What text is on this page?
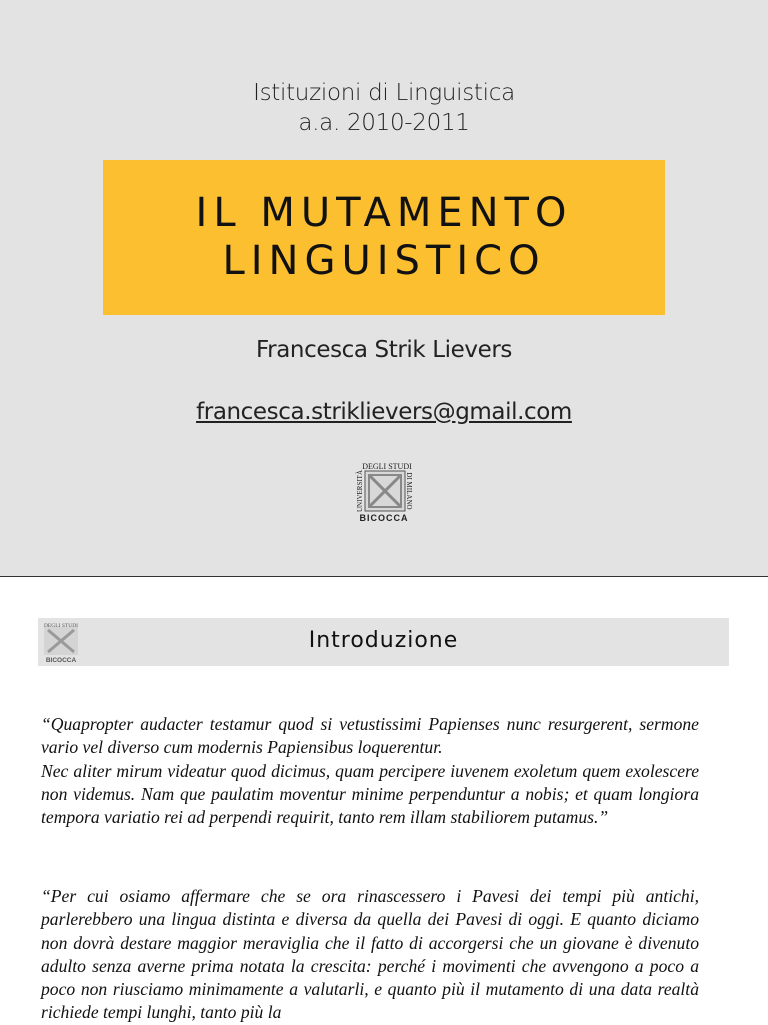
Istituzioni di Linguistica
a.a. 2010-2011
IL MUTAMENTO
LINGUISTICO
Francesca Strik Lievers
francesca.striklievers@gmail.com
DEGLI STUDI
UNIVERSITÀ	DI MILANO
BICOCCA
DEGLI STUDI
BICOCCA
Introduzione
“Quapropter audacter testamur quod si vetustissimi Papienses nunc resurgerent, sermone vario vel diverso cum modernis Papiensibus loquerentur.
Nec aliter mirum videatur quod dicimus, quam percipere iuvenem exoletum quem exolescere non videmus. Nam que paulatim moventur minime perpenduntur a nobis; et quam longiora tempora variatio rei ad perpendi requirit, tanto rem illam stabiliorem putamus.”

“Per cui osiamo affermare che se ora rinascessero i Pavesi dei tempi più antichi, parlerebbero una lingua distinta e diversa da quella dei Pavesi di oggi. E quanto diciamo non dovrà destare maggior meraviglia che il fatto di accorgersi che un giovane è divenuto adulto senza averne prima notata la crescita: perché i movimenti che avvengono a poco a poco non riusciamo minimamente a valutarli, e quanto più il mutamento di una data realtà richiede tempi lunghi, tanto più la
